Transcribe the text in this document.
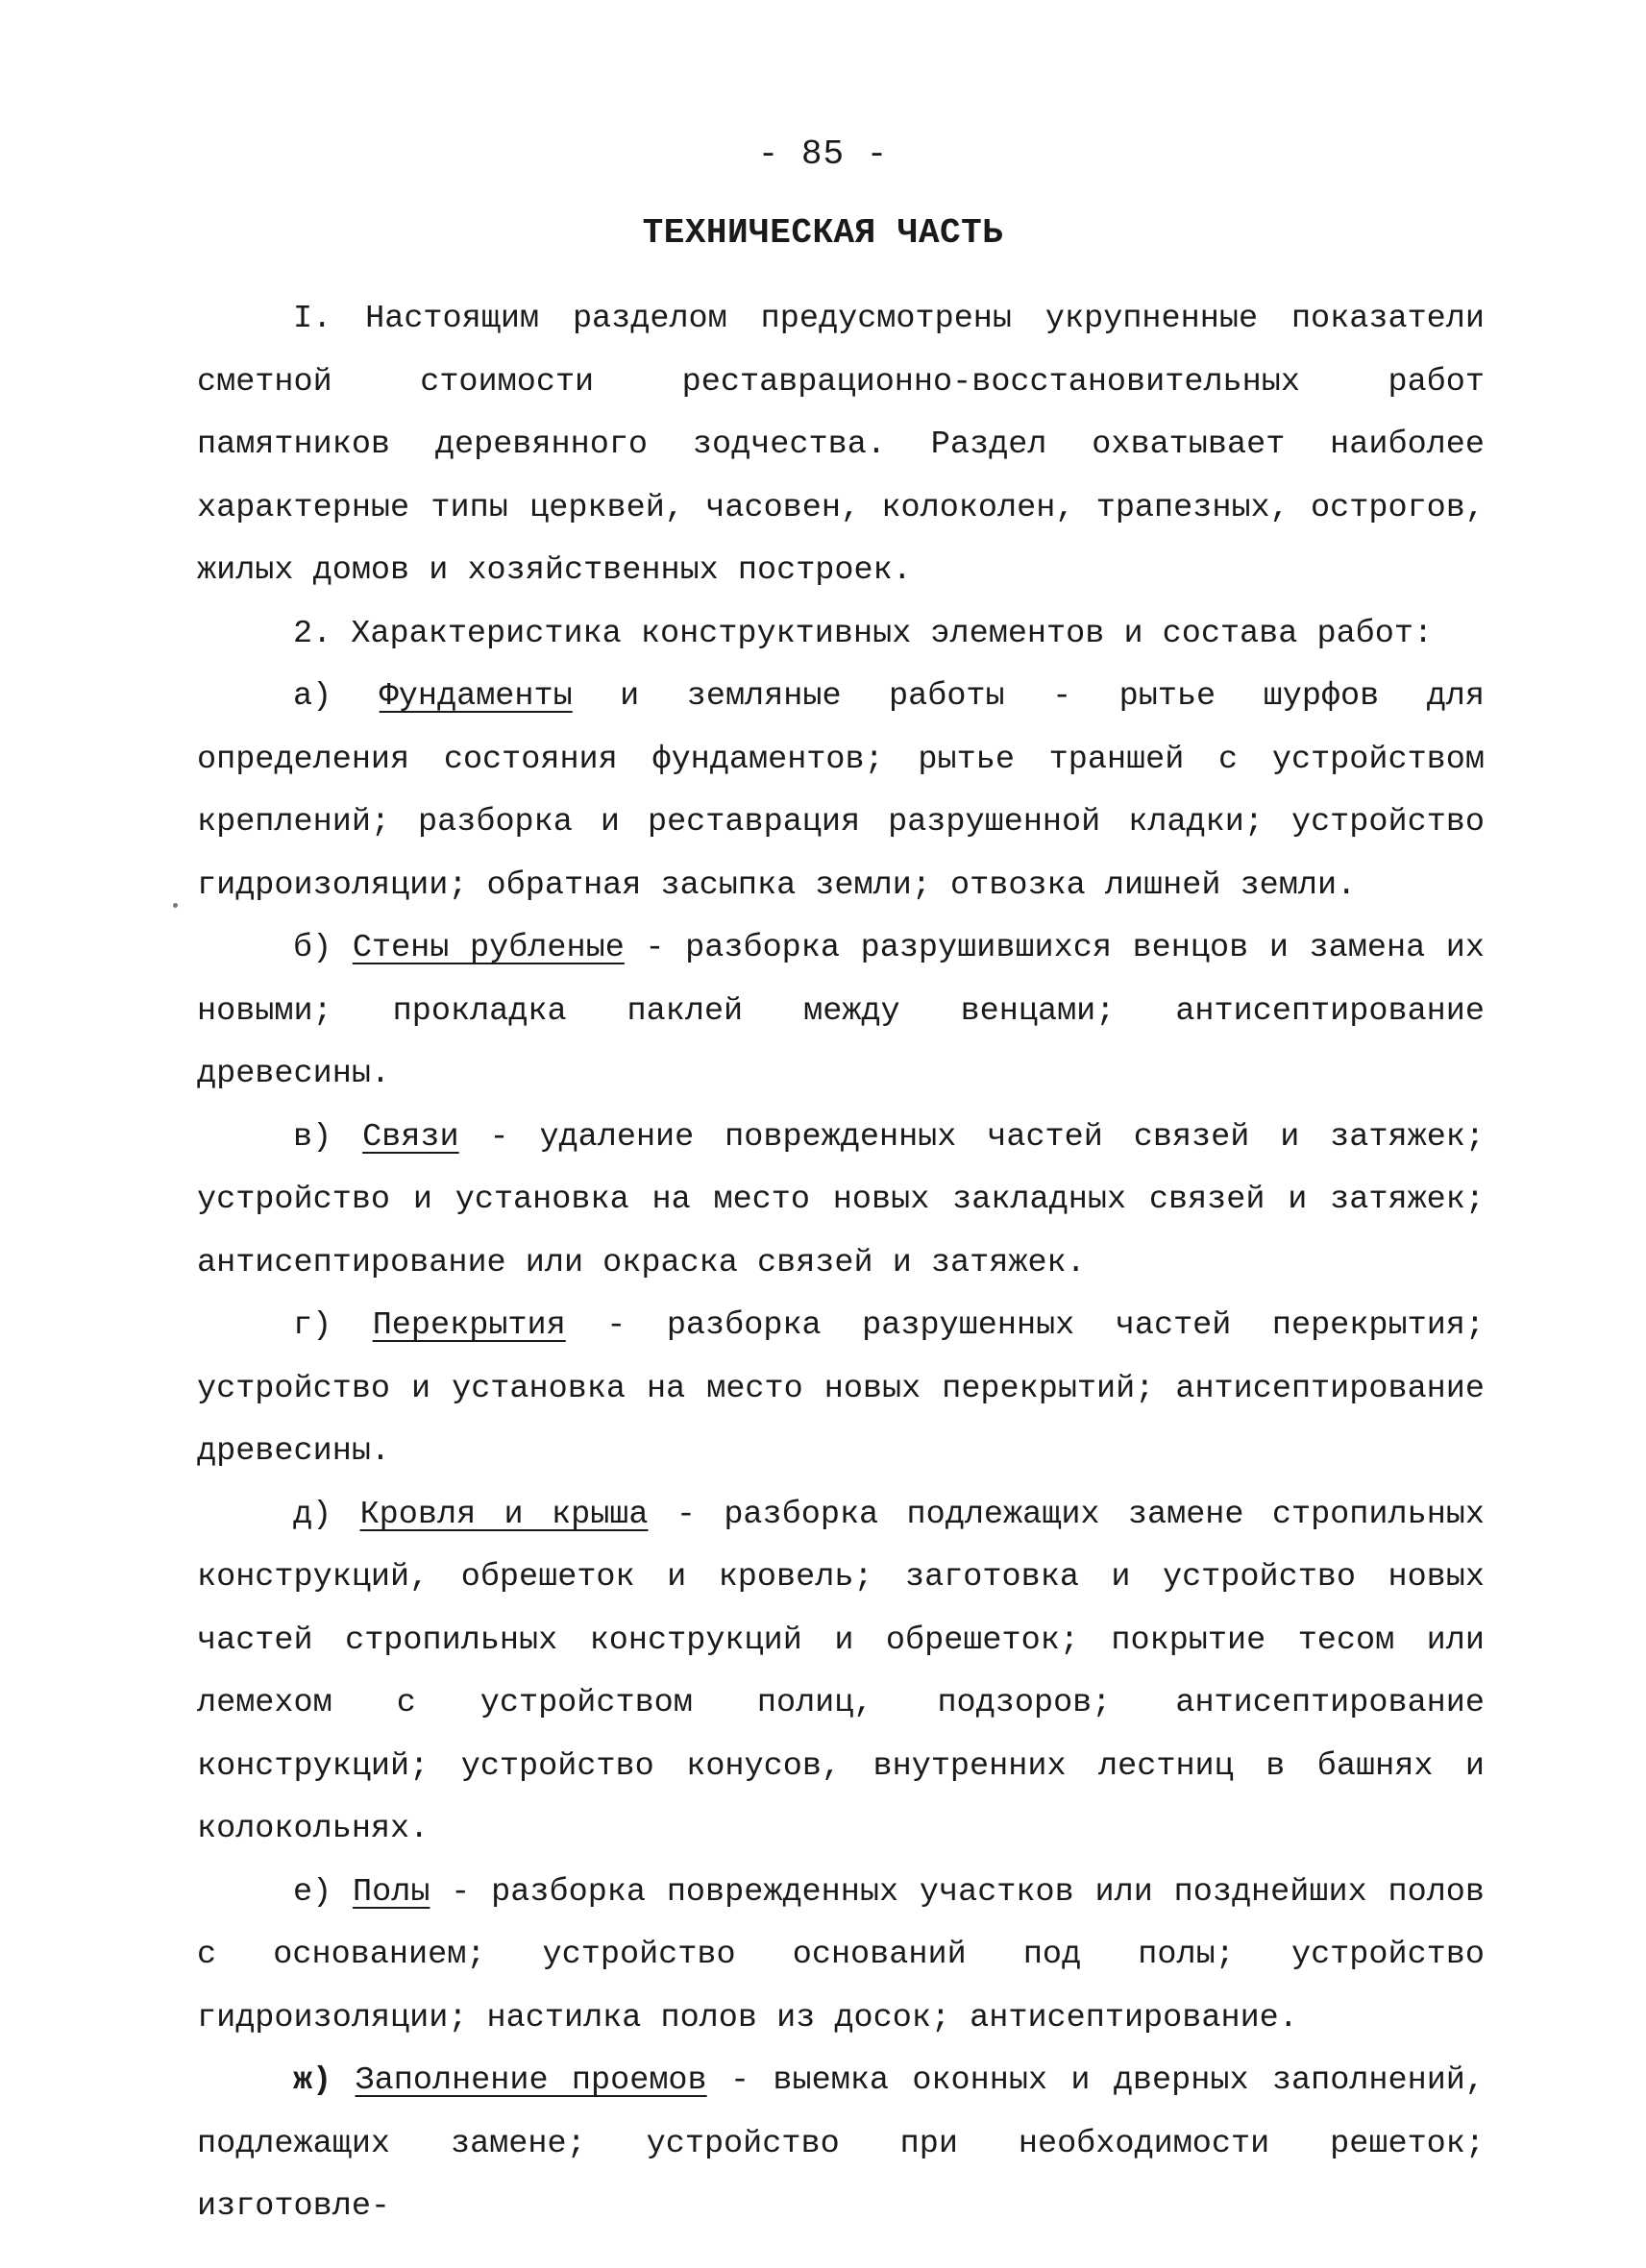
- 85 -
ТЕХНИЧЕСКАЯ ЧАСТЬ

I. Настоящим разделом предусмотрены укрупненные показатели сметной стоимости реставрационно-восстановительных работ памятников деревянного зодчества. Раздел охватывает наиболее характерные типы церквей, часовен, колоколен, трапезных, острогов, жилых домов и хозяйственных построек.

2. Характеристика конструктивных элементов и состава работ:

а) Фундаменты и земляные работы - рытье шурфов для определения состояния фундаментов; рытье траншей с устройством креплений; разборка и реставрация разрушенной кладки; устройство гидроизоляции; обратная засыпка земли; отвозка лишней земли.

б) Стены рубленые - разборка разрушившихся венцов и замена их новыми; прокладка паклей между венцами; антисептирование древесины.

в) Связи - удаление поврежденных частей связей и затяжек; устройство и установка на место новых закладных связей и затяжек; антисептирование или окраска связей и затяжек.

г) Перекрытия - разборка разрушенных частей перекрытия; устройство и установка на место новых перекрытий; антисептирование древесины.

д) Кровля и крыша - разборка подлежащих замене стропильных конструкций, обрешеток и кровель; заготовка и устройство новых частей стропильных конструкций и обрешеток; покрытие тесом или лемехом с устройством полиц, подзоров; антисептирование конструкций; устройство конусов, внутренних лестниц в башнях и колокольнях.

е) Полы - разборка поврежденных участков или позднейших полов с основанием; устройство оснований под полы; устройство гидроизоляции; настилка полов из досок; антисептирование.

ж) Заполнение проемов - выемка оконных и дверных заполнений, подлежащих замене; устройство при необходимости решеток; изготовле-
